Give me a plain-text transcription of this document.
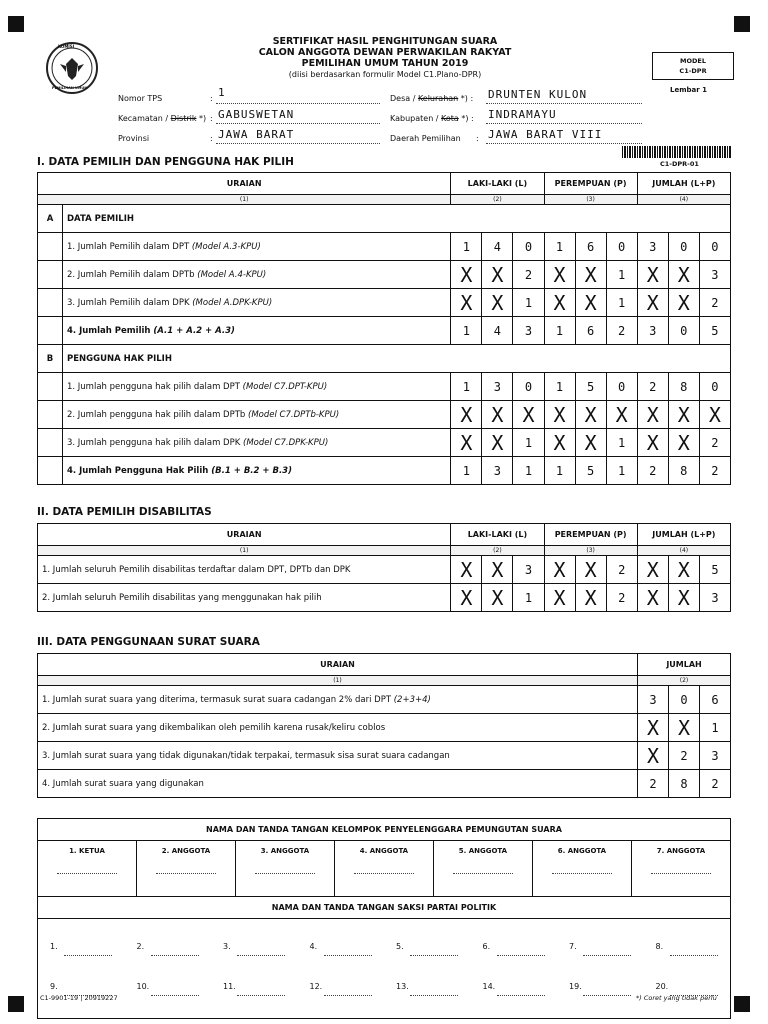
KOMISI
PEMILIHAN UMUM
SERTIFIKAT HASIL PENGHITUNGAN SUARA
CALON ANGGOTA DEWAN PERWAKILAN RAKYAT
PEMILIHAN UMUM TAHUN 2019
(diisi berdasarkan formulir Model C1.Plano-DPR)
MODEL
C1-DPR
Lembar 1
Nomor TPS	: 1
Kecamatan / Distrik *) : GABUSWETAN
Provinsi	: JAWA BARAT
Desa / Kelurahan *) : DRUNTEN KULON
Kabupaten / Kota *) : INDRAMAYU
Daerah Pemilihan : JAWA BARAT VIII
C1-DPR-01
I. DATA PEMILIH DAN PENGGUNA HAK PILIH
URAIAN		LAKI-LAKI (L)			PEREMPUAN (P)			JUMLAH (L+P)		
(1)		(2)			(3)			(4)		
A	DATA PEMILIH									
	1. Jumlah Pemilih dalam DPT (Model A.3-KPU)	1	4	0	1	6	0	3	0	0
	2. Jumlah Pemilih dalam DPTb (Model A.4-KPU)	X	X	2	X	X	1	X	X	3
	3. Jumlah Pemilih dalam DPK (Model A.DPK-KPU)	X	X	1	X	X	1	X	X	2
	4. Jumlah Pemilih (A.1 + A.2 + A.3)	1	4	3	1	6	2	3	0	5
B	PENGGUNA HAK PILIH									
	1. Jumlah pengguna hak pilih dalam DPT (Model C7.DPT-KPU)	1	3	0	1	5	0	2	8	0
	2. Jumlah pengguna hak pilih dalam DPTb (Model C7.DPTb-KPU)	X	X	X	X	X	X	X	X	X
	3. Jumlah pengguna hak pilih dalam DPK (Model C7.DPK-KPU)	X	X	1	X	X	1	X	X	2
	4. Jumlah Pengguna Hak Pilih (B.1 + B.2 + B.3)	1	3	1	1	5	1	2	8	2
II. DATA PEMILIH DISABILITAS
URAIAN	LAKI-LAKI (L)			PEREMPUAN (P)			JUMLAH (L+P)		
(1)	(2)			(3)			(4)		
1. Jumlah seluruh Pemilih disabilitas terdaftar dalam DPT, DPTb dan DPK	X	X	3	X	X	2	X	X	5
2. Jumlah seluruh Pemilih disabilitas yang menggunakan hak pilih	X	X	1	X	X	2	X	X	3
III. DATA PENGGUNAAN SURAT SUARA
URAIAN	JUMLAH		
(1)	(2)		
1. Jumlah surat suara yang diterima, termasuk surat suara cadangan 2% dari DPT (2+3+4)	3	0	6
2. Jumlah surat suara yang dikembalikan oleh pemilih karena rusak/keliru coblos	X	X	1
3. Jumlah surat suara yang tidak digunakan/tidak terpakai, termasuk sisa surat suara cadangan	X	2	3
4. Jumlah surat suara yang digunakan	2	8	2
NAMA DAN TANDA TANGAN KELOMPOK PENYELENGGARA PEMUNGUTAN SUARA

1. KETUA	2. ANGGOTA	3. ANGGOTA	4. ANGGOTA	5. ANGGOTA	6. ANGGOTA	7. ANGGOTA

NAMA DAN TANDA TANGAN SAKSI PARTAI POLITIK

1.	2.	3.	4.	5.	6.	7.	8.

9.	10.	11.	12.	13.	14.	19.	20.
C1-9901-19 | 20919227	*) Coret yang tidak perlu
